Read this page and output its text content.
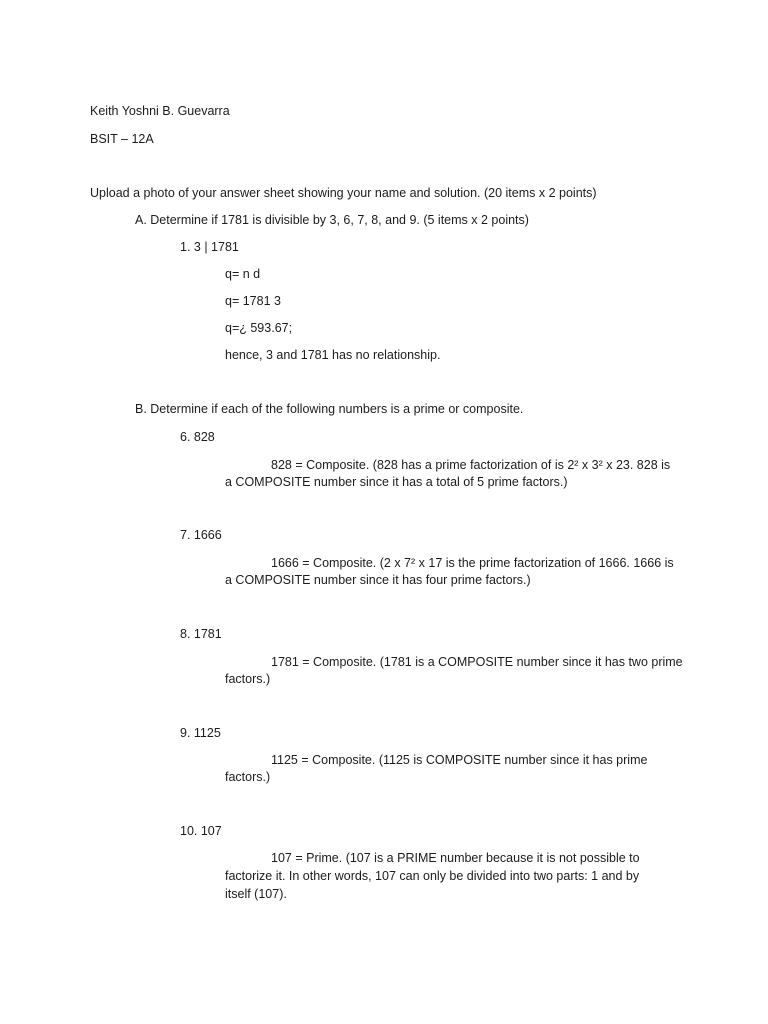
Keith Yoshni B. Guevarra
BSIT – 12A
Upload a photo of your answer sheet showing your name and solution. (20 items x 2 points)
A. Determine if 1781 is divisible by 3, 6, 7, 8, and 9. (5 items x 2 points)
1. 3 | 1781
q= n d
q= 1781 3
q=¿ 593.67;
hence, 3 and 1781 has no relationship.
B. Determine if each of the following numbers is a prime or composite.
6. 828
828 = Composite. (828 has a prime factorization of is 2² x 3² x 23. 828 is
a COMPOSITE number since it has a total of 5 prime factors.)
7. 1666
1666 = Composite. (2 x 7² x 17 is the prime factorization of 1666. 1666 is
a COMPOSITE number since it has four prime factors.)
8. 1781
1781 = Composite. (1781 is a COMPOSITE number since it has two prime
factors.)
9. 1125
1125 = Composite. (1125 is COMPOSITE number since it has prime
factors.)
10. 107
107 = Prime. (107 is a PRIME number because it is not possible to
factorize it. In other words, 107 can only be divided into two parts: 1 and by
itself (107).
